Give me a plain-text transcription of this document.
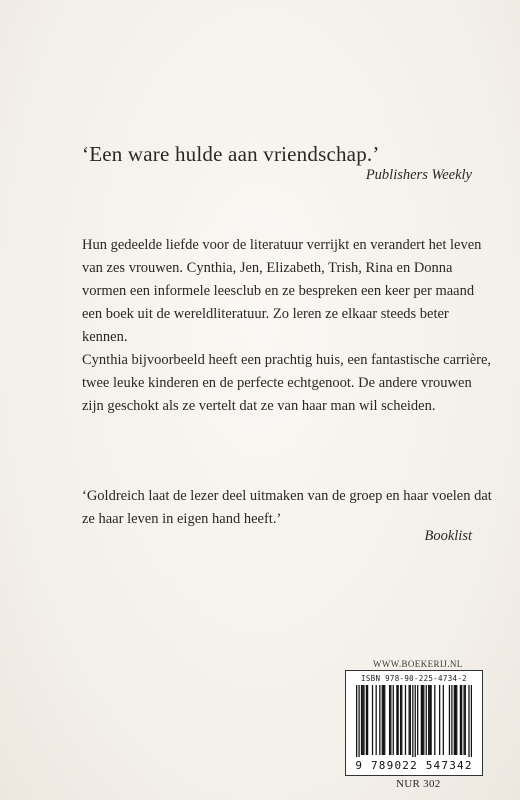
‘Een ware hulde aan vriendschap.’
Publishers Weekly

Hun gedeelde liefde voor de literatuur verrijkt en verandert het leven van zes vrouwen. Cynthia, Jen, Elizabeth, Trish, Rina en Donna vormen een informele leesclub en ze bespreken een keer per maand een boek uit de wereldliteratuur. Zo leren ze elkaar steeds beter kennen.

Cynthia bijvoorbeeld heeft een prachtig huis, een fantastische carrière, twee leuke kinderen en de perfecte echtgenoot. De andere vrouwen zijn geschokt als ze vertelt dat ze van haar man wil scheiden.

‘Goldreich laat de lezer deel uitmaken van de groep en haar voelen dat ze haar leven in eigen hand heeft.’
Booklist
WWW.BOEKERIJ.NL
ISBN 978-90-225-4734-2
9 789022 547342
NUR 302
